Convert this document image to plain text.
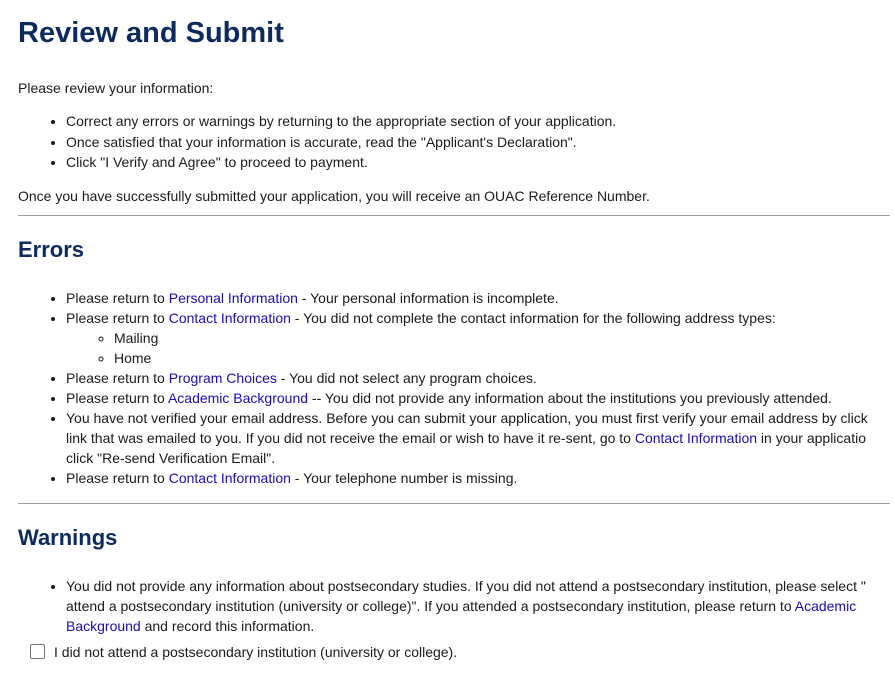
Review and Submit

Please review your information:

• Correct any errors or warnings by returning to the appropriate section of your application.
• Once satisfied that your information is accurate, read the "Applicant's Declaration".
• Click "I Verify and Agree" to proceed to payment.

Once you have successfully submitted your application, you will receive an OUAC Reference Number.

Errors
• Please return to Personal Information - Your personal information is incomplete.
• Please return to Contact Information - You did not complete the contact information for the following address types:
◦ Mailing
◦ Home
• Please return to Program Choices - You did not select any program choices.
• Please return to Academic Background -- You did not provide any information about the institutions you previously attended.
• You have not verified your email address. Before you can submit your application, you must first verify your email address by click
link that was emailed to you. If you did not receive the email or wish to have it re-sent, go to Contact Information in your applicatio
click "Re-send Verification Email".
• Please return to Contact Information - Your telephone number is missing.
Warnings
• You did not provide any information about postsecondary studies. If you did not attend a postsecondary institution, please select "
attend a postsecondary institution (university or college)". If you attended a postsecondary institution, please return to Academic
Background and record this information.
I did not attend a postsecondary institution (university or college).
